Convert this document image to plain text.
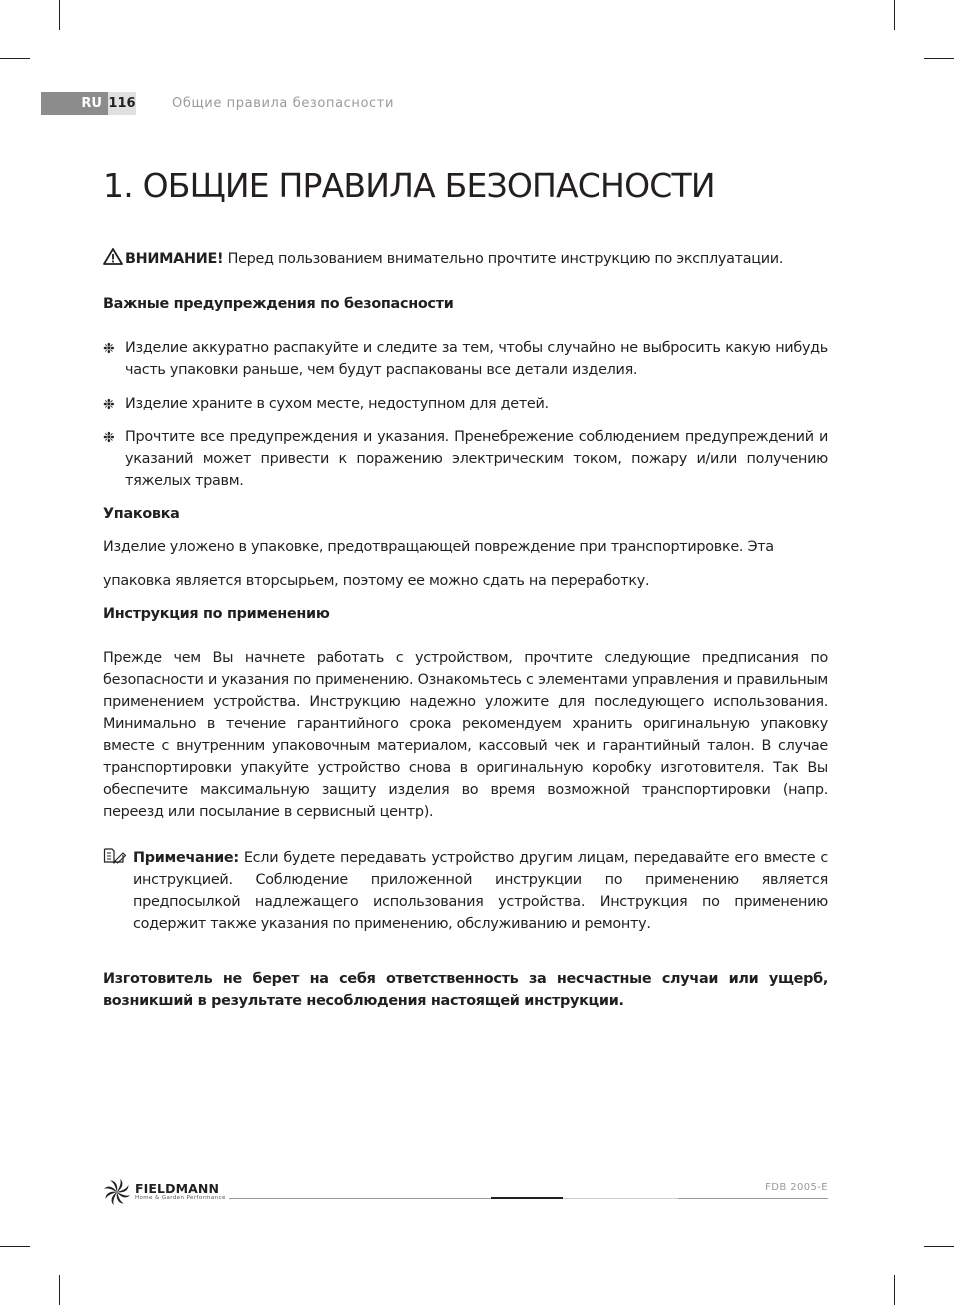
RU 116	Общие правила безопасности
1. ОБЩИЕ ПРАВИЛА БЕЗОПАСНОСТИ

ВНИМАНИЕ! Перед пользованием внимательно прочтите инструкцию по эксплуатации.

Важные предупреждения по безопасности

❉ Изделие аккуратно распакуйте и следите за тем, чтобы случайно не выбросить какую нибудь часть упаковки раньше, чем будут распакованы все детали изделия.

❉ Изделие храните в сухом месте, недоступном для детей.

❉ Прочтите все предупреждения и указания. Пренебрежение соблюдением предупреждений и указаний может привести к поражению электрическим током, пожару и/или получению тяжелых травм.

Упаковка

Изделие уложено в упаковке, предотвращающей повреждение при транспортировке. Эта

упаковка является вторсырьем, поэтому ее можно сдать на переработку.

Инструкция по применению

Прежде чем Вы начнете работать с устройством, прочтите следующие предписания по безопасности и указания по применению. Ознакомьтесь с элементами управления и правильным применением устройства. Инструкцию надежно уложите для последующего использования. Минимально в течение гарантийного срока рекомендуем хранить оригинальную упаковку вместе с внутренним упаковочным материалом, кассовый чек и гарантийный талон. В случае транспортировки упакуйте устройство снова в оригинальную коробку изготовителя. Так Вы обеспечите максимальную защиту изделия во время возможной транспортировки (напр. переезд или посылание в сервисный центр).

Примечание: Если будете передавать устройство другим лицам, передавайте его вместе с инструкцией. Соблюдение приложенной инструкции по применению является предпосылкой надлежащего использования устройства. Инструкция по применению содержит также указания по применению, обслуживанию и ремонту.

Изготовитель не берет на себя ответственность за несчастные случаи или ущерб, возникший в результате несоблюдения настоящей инструкции.

FIELDMANN
Home & Garden Performance
FDB 2005-E
